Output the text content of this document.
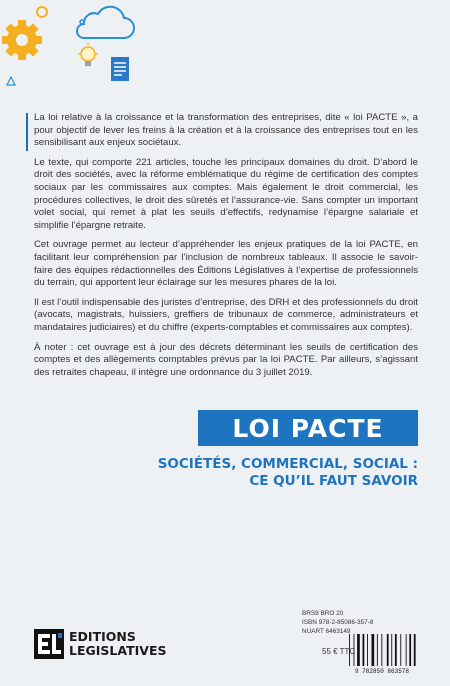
La loi relative à la croissance et la transformation des entreprises, dite « loi PACTE », a pour objectif de lever les freins à la création et à la croissance des entreprises tout en les sensibilisant aux enjeux sociétaux.

Le texte, qui comporte 221 articles, touche les principaux domaines du droit. D’abord le droit des sociétés, avec la réforme emblématique du régime de certification des comptes sociaux par les commissaires aux comptes. Mais également le droit commercial, les procédures collectives, le droit des sûretés et l’assurance-vie. Sans compter un important volet social, qui remet à plat les seuils d’effectifs, redynamise l’épargne salariale et simplifie l’épargne retraite.

Cet ouvrage permet au lecteur d’appréhender les enjeux pratiques de la loi PACTE, en facilitant leur compréhension par l’inclusion de nombreux tableaux. Il associe le savoir-faire des équipes rédactionnelles des Éditions Législatives à l’expertise de professionnels du terrain, qui apportent leur éclairage sur les mesures phares de la loi.

Il est l’outil indispensable des juristes d’entreprise, des DRH et des professionnels du droit (avocats, magistrats, huissiers, greffiers de tribunaux de commerce, administrateurs et mandataires judiciaires) et du chiffre (experts-comptables et commissaires aux comptes).

À noter : cet ouvrage est à jour des décrets déterminant les seuils de certification des comptes et des allègements comptables prévus par la loi PACTE. Par ailleurs, s’agissant des retraites chapeau, il intègre une ordonnance du 3 juillet 2019.

LOI PACTE
SOCIÉTÉS, COMMERCIAL, SOCIAL :
CE QU’IL FAUT SAVOIR
BRS9 BRO 20
ISBN 978-2-85086-357-8
NUART 6463149
55 € TTC
9 782850 863578
EDITIONS
LEGISLATIVES
